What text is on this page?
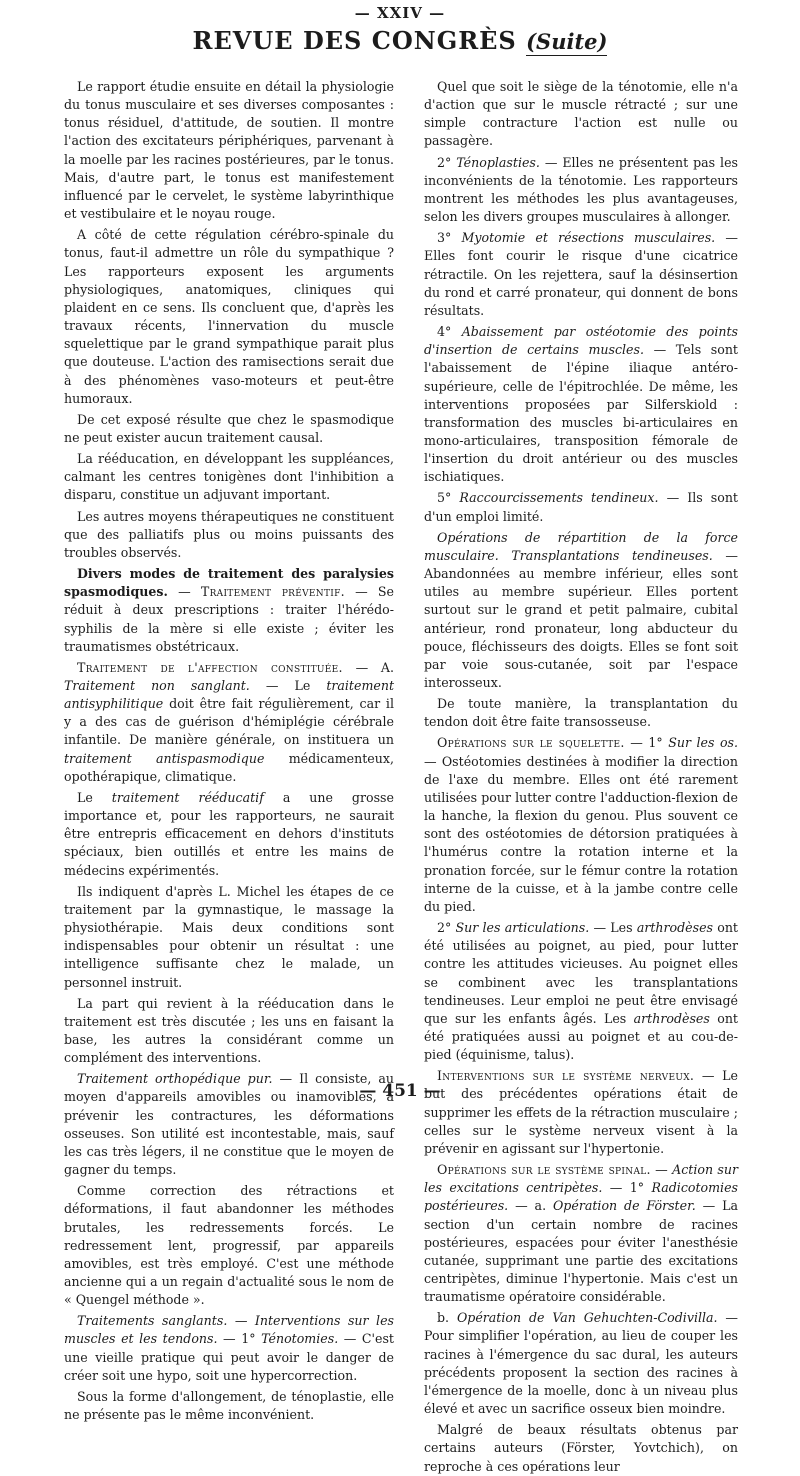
— XXIV —
REVUE DES CONGRÈS (Suite)

Le rapport étudie ensuite en détail la physiologie du tonus musculaire et ses diverses composantes : tonus résiduel, d'attitude, de soutien. Il montre l'action des excitateurs périphériques, parvenant à la moelle par les racines postérieures, par le tonus. Mais, d'autre part, le tonus est manifestement influencé par le cervelet, le système labyrinthique et vestibulaire et le noyau rouge.

A côté de cette régulation cérébro-spinale du tonus, faut-il admettre un rôle du sympathique ? Les rapporteurs exposent les arguments physiologiques, anatomiques, cliniques qui plaident en ce sens. Ils concluent que, d'après les travaux récents, l'innervation du muscle squelettique par le grand sympathique parait plus que douteuse. L'action des ramisections serait due à des phénomènes vaso-moteurs et peut-être humoraux.

De cet exposé résulte que chez le spasmodique ne peut exister aucun traitement causal.

La rééducation, en développant les suppléances, calmant les centres tonigènes dont l'inhibition a disparu, constitue un adjuvant important.

Les autres moyens thérapeutiques ne constituent que des palliatifs plus ou moins puissants des troubles observés.

Divers modes de traitement des paralysies spasmodiques. — Traitement préventif. — Se réduit à deux prescriptions : traiter l'hérédo-syphilis de la mère si elle existe ; éviter les traumatismes obstétricaux.

Traitement de l'affection constituée. — A. Traitement non sanglant. — Le traitement antisyphilitique doit être fait régulièrement, car il y a des cas de guérison d'hémiplégie cérébrale infantile. De manière générale, on instituera un traitement antispasmodique médicamenteux, opothérapique, climatique.

Le traitement rééducatif a une grosse importance et, pour les rapporteurs, ne saurait être entrepris efficacement en dehors d'instituts spéciaux, bien outillés et entre les mains de médecins expérimentés.

Ils indiquent d'après L. Michel les étapes de ce traitement par la gymnastique, le massage la physiothérapie. Mais deux conditions sont indispensables pour obtenir un résultat : une intelligence suffisante chez le malade, un personnel instruit.

La part qui revient à la rééducation dans le traitement est très discutée ; les uns en faisant la base, les autres la considérant comme un complément des interventions.

Traitement orthopédique pur. — Il consiste, au moyen d'appareils amovibles ou inamovibles, à prévenir les contractures, les déformations osseuses. Son utilité est incontestable, mais, sauf les cas très légers, il ne constitue que le moyen de gagner du temps.

Comme correction des rétractions et déformations, il faut abandonner les méthodes brutales, les redressements forcés. Le redressement lent, progressif, par appareils amovibles, est très employé. C'est une méthode ancienne qui a un regain d'actualité sous le nom de « Quengel méthode ».

Traitements sanglants. — Interventions sur les muscles et les tendons. — 1° Ténotomies. — C'est une vieille pratique qui peut avoir le danger de créer soit une hypo, soit une hypercorrection.

Sous la forme d'allongement, de ténoplastie, elle ne présente pas le même inconvénient.

Quel que soit le siège de la ténotomie, elle n'a d'action que sur le muscle rétracté ; sur une simple contracture l'action est nulle ou passagère.

2° Ténoplasties. — Elles ne présentent pas les inconvénients de la ténotomie. Les rapporteurs montrent les méthodes les plus avantageuses, selon les divers groupes musculaires à allonger.

3° Myotomie et résections musculaires. — Elles font courir le risque d'une cicatrice rétractile. On les rejettera, sauf la désinsertion du rond et carré pronateur, qui donnent de bons résultats.

4° Abaissement par ostéotomie des points d'insertion de certains muscles. — Tels sont l'abaissement de l'épine iliaque antéro-supérieure, celle de l'épitrochlée. De même, les interventions proposées par Silferskiold : transformation des muscles bi-articulaires en mono-articulaires, transposition fémorale de l'insertion du droit antérieur ou des muscles ischiatiques.

5° Raccourcissements tendineux. — Ils sont d'un emploi limité.

Opérations de répartition de la force musculaire. Transplantations tendineuses. — Abandonnées au membre inférieur, elles sont utiles au membre supérieur. Elles portent surtout sur le grand et petit palmaire, cubital antérieur, rond pronateur, long abducteur du pouce, fléchisseurs des doigts. Elles se font soit par voie sous-cutanée, soit par l'espace interosseux.

De toute manière, la transplantation du tendon doit être faite transosseuse.

Opérations sur le squelette. — 1° Sur les os. — Ostéotomies destinées à modifier la direction de l'axe du membre. Elles ont été rarement utilisées pour lutter contre l'adduction-flexion de la hanche, la flexion du genou. Plus souvent ce sont des ostéotomies de détorsion pratiquées à l'humérus contre la rotation interne et la pronation forcée, sur le fémur contre la rotation interne de la cuisse, et à la jambe contre celle du pied.

2° Sur les articulations. — Les arthrodèses ont été utilisées au poignet, au pied, pour lutter contre les attitudes vicieuses. Au poignet elles se combinent avec les transplantations tendineuses. Leur emploi ne peut être envisagé que sur les enfants âgés. Les arthrodèses ont été pratiquées aussi au poignet et au cou-de-pied (équinisme, talus).

Interventions sur le système nerveux. — Le but des précédentes opérations était de supprimer les effets de la rétraction musculaire ; celles sur le système nerveux visent à la prévenir en agissant sur l'hypertonie.

Opérations sur le système spinal. — Action sur les excitations centripètes. — 1° Radicotomies postérieures. — a. Opération de Förster. — La section d'un certain nombre de racines postérieures, espacées pour éviter l'anesthésie cutanée, supprimant une partie des excitations centripètes, diminue l'hypertonie. Mais c'est un traumatisme opératoire considérable.

b. Opération de Van Gehuchten-Codivilla. — Pour simplifier l'opération, au lieu de couper les racines à l'émergence du sac dural, les auteurs précédents proposent la section des racines à l'émergence de la moelle, donc à un niveau plus élevé et avec un sacrifice osseux bien moindre.

Malgré de beaux résultats obtenus par certains auteurs (Förster, Yovtchich), on reproche à ces opérations leur

— 451 —
